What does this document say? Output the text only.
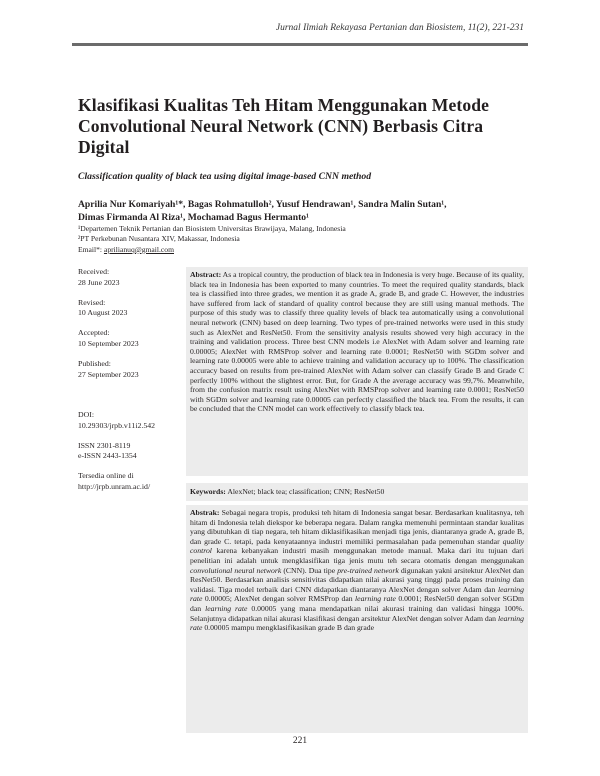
Jurnal Ilmiah Rekayasa Pertanian dan Biosistem, 11(2), 221-231
Klasifikasi Kualitas Teh Hitam Menggunakan Metode Convolutional Neural Network (CNN) Berbasis Citra Digital
Classification quality of black tea using digital image-based CNN method
Aprilia Nur Komariyah¹*, Bagas Rohmatulloh², Yusuf Hendrawan¹, Sandra Malin Sutan¹,
Dimas Firmanda Al Riza¹, Mochamad Bagus Hermanto¹
¹Departemen Teknik Pertanian dan Biosistem Universitas Brawijaya, Malang, Indonesia
²PT Perkebunan Nusantara XIV, Makassar, Indonesia
Email*: aprilianuq@gmail.com
Received:
28 June 2023
Revised:
10 August 2023
Accepted:
10 September 2023
Published:
27 September 2023
DOI:
10.29303/jrpb.v11i2.542
ISSN 2301-8119
e-ISSN 2443-1354
Tersedia online di
http://jrpb.unram.ac.id/
Abstract: As a tropical country, the production of black tea in Indonesia is very huge. Because of its quality, black tea in Indonesia has been exported to many countries. To meet the required quality standards, black tea is classified into three grades, we mention it as grade A, grade B, and grade C. However, the industries have suffered from lack of standard of quality control because they are still using manual methods. The purpose of this study was to classify three quality levels of black tea automatically using a convolutional neural network (CNN) based on deep learning. Two types of pre-trained networks were used in this study such as AlexNet and ResNet50. From the sensitivity analysis results showed very high accuracy in the training and validation process. Three best CNN models i.e AlexNet with Adam solver and learning rate 0.00005; AlexNet with RMSProp solver and learning rate 0.0001; ResNet50 with SGDm solver and learning rate 0.00005 were able to achieve training and validation accuracy up to 100%. The classification accuracy based on results from pre-trained AlexNet with Adam solver can classify Grade B and Grade C perfectly 100% without the slightest error. But, for Grade A the average accuracy was 99,7%. Meanwhile, from the confusion matrix result using AlexNet with RMSProp solver and learning rate 0.0001; ResNet50 with SGDm solver and learning rate 0.00005 can perfectly classified the black tea. From the results, it can be concluded that the CNN model can work effectively to classify black tea.
Keywords: AlexNet; black tea; classification; CNN; ResNet50
Abstrak: Sebagai negara tropis, produksi teh hitam di Indonesia sangat besar. Berdasarkan kualitasnya, teh hitam di Indonesia telah diekspor ke beberapa negara. Dalam rangka memenuhi permintaan standar kualitas yang dibutuhkan di tiap negara, teh hitam diklasifikasikan menjadi tiga jenis, diantaranya grade A, grade B, dan grade C. tetapi, pada kenyataannya industri memiliki permasalahan pada pemenuhan standar quality control karena kebanyakan industri masih menggunakan metode manual. Maka dari itu tujuan dari penelitian ini adalah untuk mengklasifikan tiga jenis mutu teh secara otomatis dengan menggunakan convolutional neural network (CNN). Dua tipe pre-trained network digunakan yakni arsitektur AlexNet dan ResNet50. Berdasarkan analisis sensitivitas didapatkan nilai akurasi yang tinggi pada proses training dan validasi. Tiga model terbaik dari CNN didapatkan diantaranya AlexNet dengan solver Adam dan learning rate 0.00005; AlexNet dengan solver RMSProp dan learning rate 0.0001; ResNet50 dengan solver SGDm dan learning rate 0.00005 yang mana mendapatkan nilai akurasi training dan validasi hingga 100%. Selanjutnya didapatkan nilai akurasi klasifikasi dengan arsitektur AlexNet dengan solver Adam dan learning rate 0.00005 mampu mengklasifikasikan grade B dan grade
221
